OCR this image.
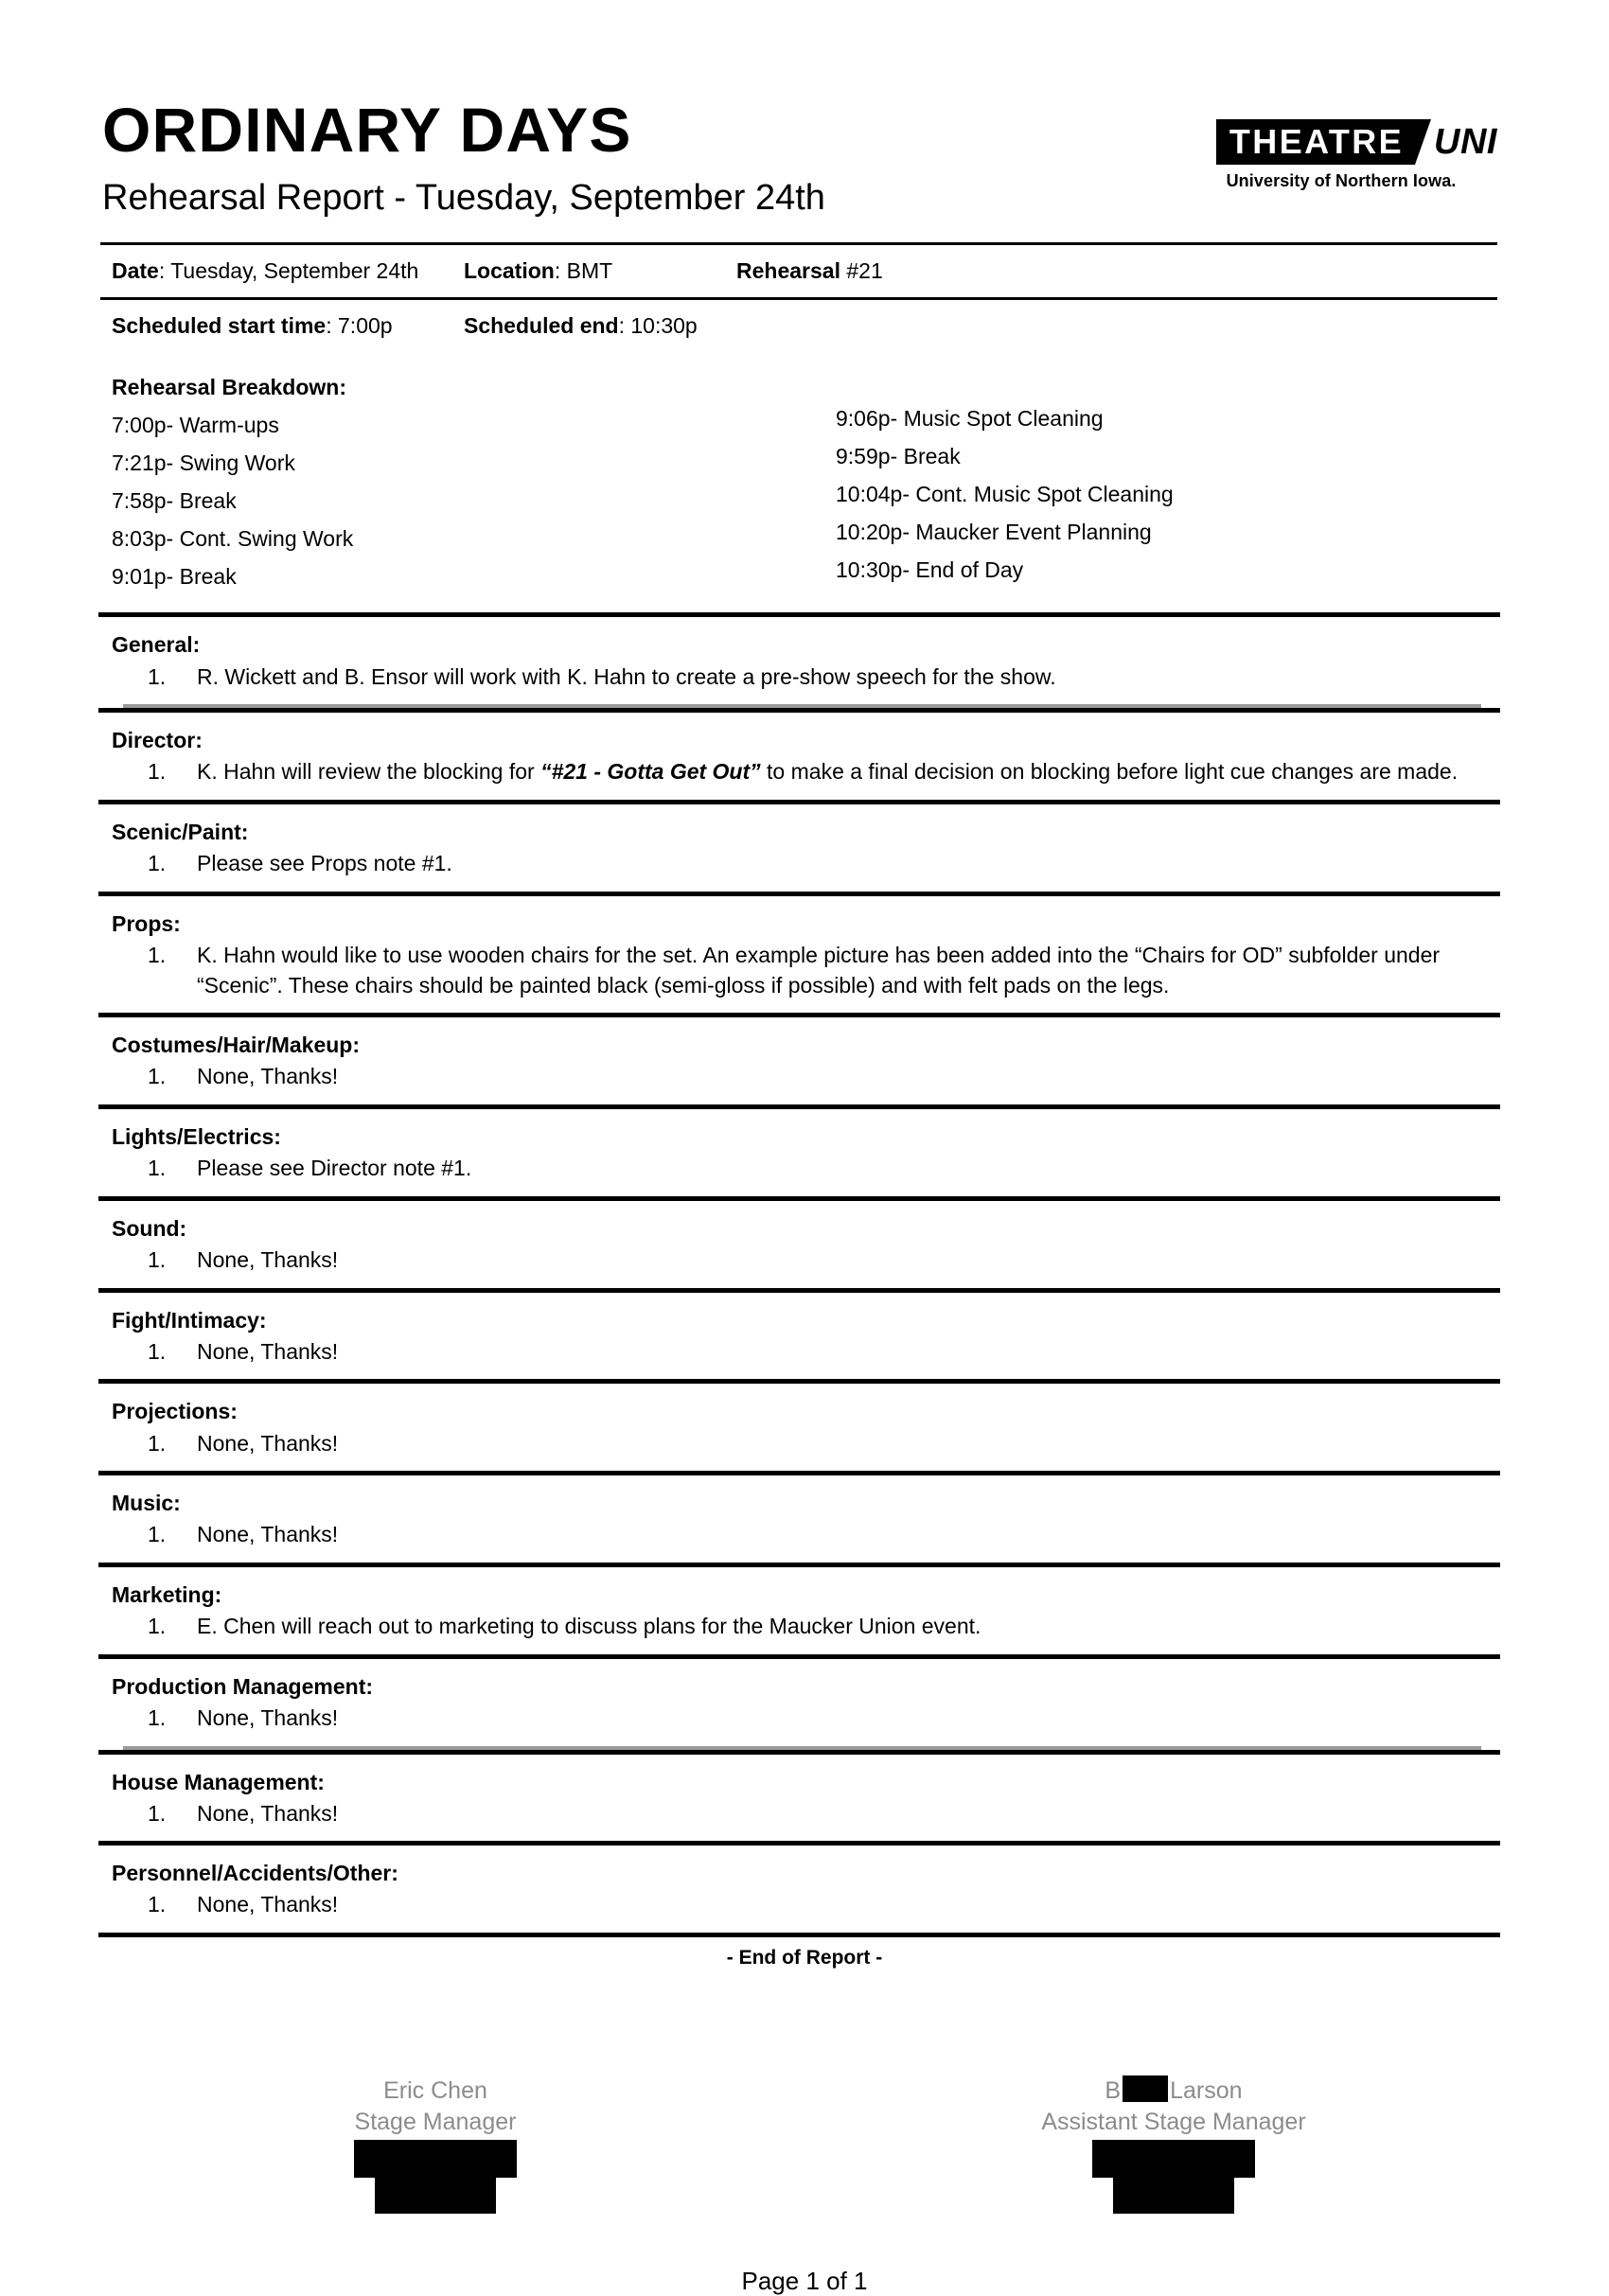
ORDINARY DAYS
Rehearsal Report - Tuesday, September 24th
THEATRE UNI
University of Northern Iowa.
Date: Tuesday, September 24th	Location: BMT	Rehearsal #21
Scheduled start time: 7:00p	Scheduled end: 10:30p
Rehearsal Breakdown:
7:00p- Warm-ups
7:21p- Swing Work
7:58p- Break
8:03p- Cont. Swing Work
9:01p- Break
9:06p- Music Spot Cleaning
9:59p- Break
10:04p- Cont. Music Spot Cleaning
10:20p- Maucker Event Planning
10:30p- End of Day
General:
1.	R. Wickett and B. Ensor will work with K. Hahn to create a pre-show speech for the show.
Director:
1.	K. Hahn will review the blocking for “#21 - Gotta Get Out” to make a final decision on blocking before light cue changes are made.
Scenic/Paint:
1.	Please see Props note #1.
Props:
1.	K. Hahn would like to use wooden chairs for the set. An example picture has been added into the “Chairs for OD” subfolder under “Scenic”. These chairs should be painted black (semi-gloss if possible) and with felt pads on the legs.
Costumes/Hair/Makeup:
1.	None, Thanks!
Lights/Electrics:
1.	Please see Director note #1.
Sound:
1.	None, Thanks!
Fight/Intimacy:
1.	None, Thanks!
Projections:
1.	None, Thanks!
Music:
1.	None, Thanks!
Marketing:
1.	E. Chen will reach out to marketing to discuss plans for the Maucker Union event.
Production Management:
1.	None, Thanks!
House Management:
1.	None, Thanks!
Personnel/Accidents/Other:
1.	None, Thanks!
- End of Report -
Eric Chen
Stage Manager
B Larson
Assistant Stage Manager
Page 1 of 1
